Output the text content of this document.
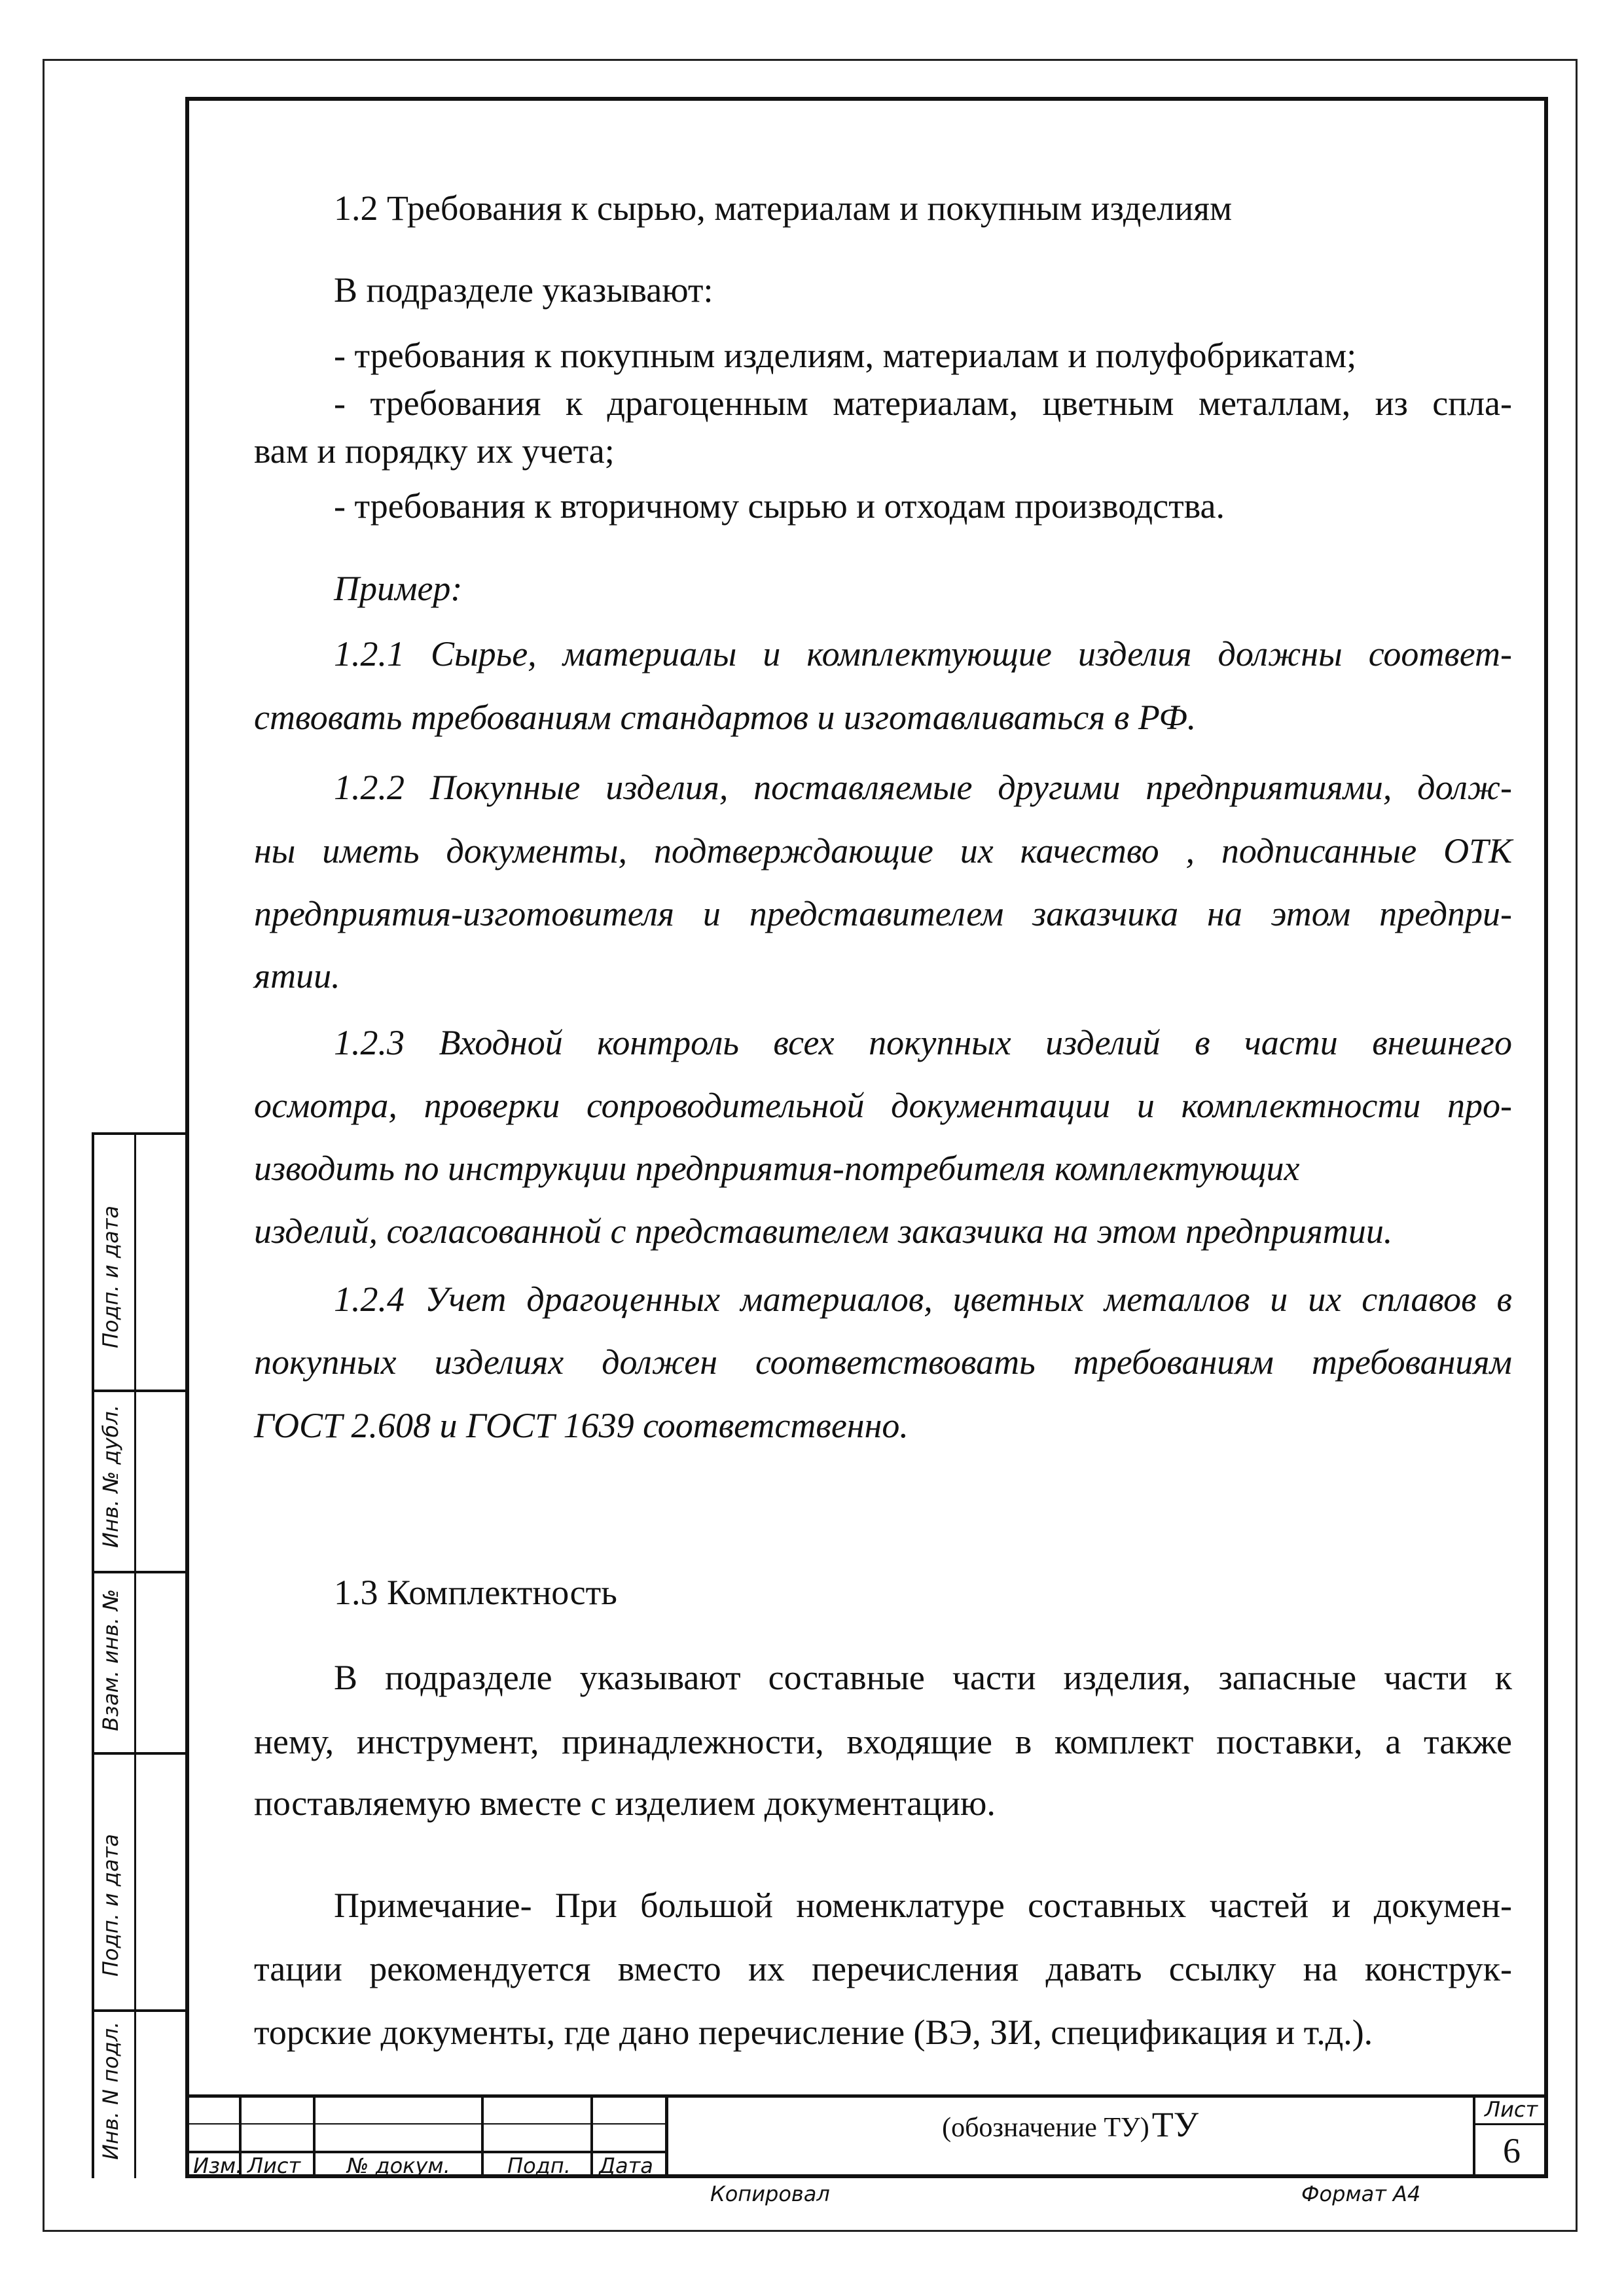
1.2 Требования к сырью, материалам и покупным изделиям
В подразделе указывают:
- требования к покупным изделиям, материалам и полуфобрикатам;
- требования к драгоценным материалам, цветным металлам, из спла-
вам и порядку их учета;
- требования к вторичному сырью и отходам производства.
Пример:
1.2.1 Сырье, материалы и комплектующие изделия должны соответ-
ствовать требованиям стандартов и изготавливаться в РФ.
1.2.2 Покупные изделия, поставляемые другими предприятиями, долж-
ны иметь документы, подтверждающие их качество , подписанные ОТК
предприятия-изготовителя и представителем заказчика на этом предпри-
ятии.
1.2.3 Входной контроль всех покупных изделий в части внешнего
осмотра, проверки сопроводительной документации и комплектности про-
изводить по инструкции предприятия-потребителя комплектующих
изделий, согласованной с представителем заказчика на этом предприятии.
1.2.4 Учет драгоценных материалов, цветных металлов и их сплавов в
покупных изделиях должен соответствовать требованиям требованиям
ГОСТ 2.608 и ГОСТ 1639 соответственно.
1.3 Комплектность
В подразделе указывают составные части изделия, запасные части к
нему, инструмент, принадлежности, входящие в комплект поставки, а также
поставляемую вместе с изделием документацию.
Примечание- При большой номенклатуре составных частей и докумен-
тации рекомендуется вместо их перечисления давать ссылку на конструк-
торские документы, где дано перечисление (ВЭ, ЗИ, спецификация и т.д.).
Подп. и дата
Инв. № дубл.
Взам. инв. №
Подп. и дата
Инв. N подл.
Изм. Лист № докум.	Подп. Дата
(обозначение ТУ) ТУ	Лист
6
Копировал	Формат А4
